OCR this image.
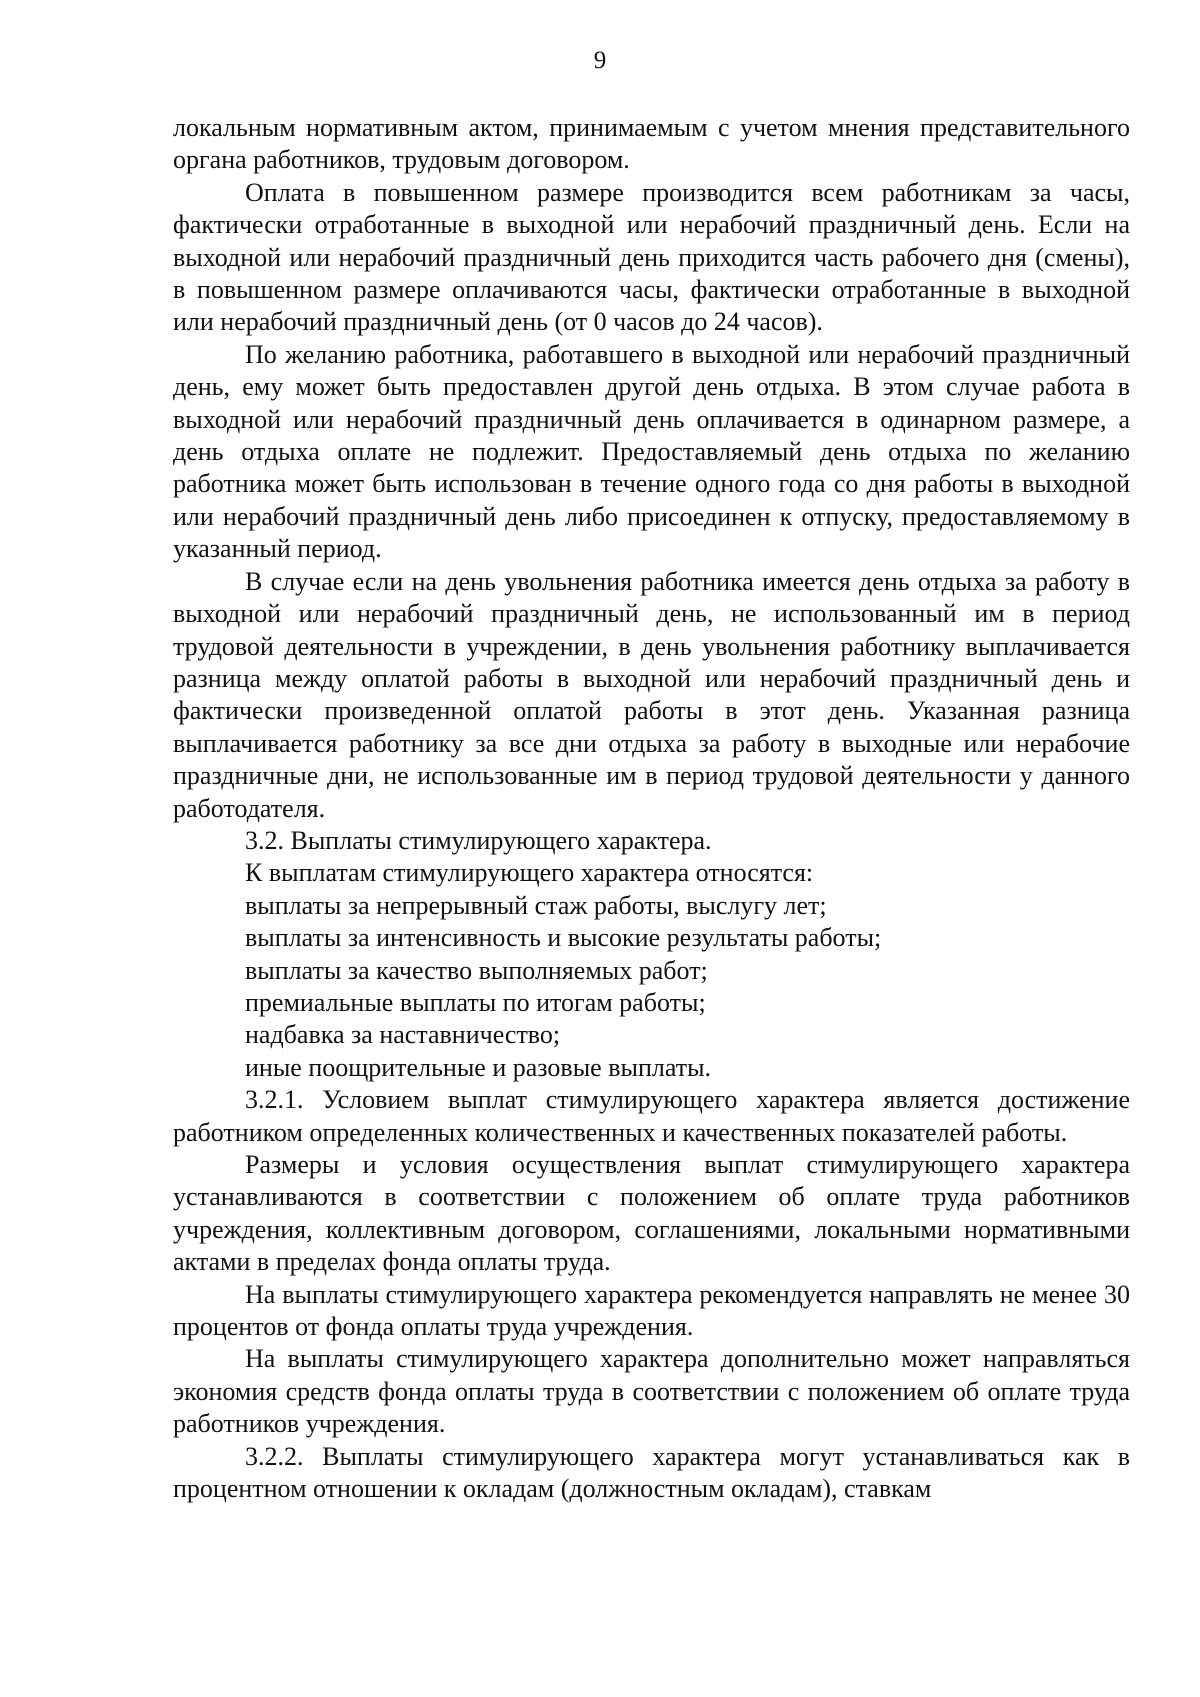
9

локальным нормативным актом, принимаемым с учетом мнения представительного органа работников, трудовым договором.

Оплата в повышенном размере производится всем работникам за часы, фактически отработанные в выходной или нерабочий праздничный день. Если на выходной или нерабочий праздничный день приходится часть рабочего дня (смены), в повышенном размере оплачиваются часы, фактически отработанные в выходной или нерабочий праздничный день (от 0 часов до 24 часов).

По желанию работника, работавшего в выходной или нерабочий праздничный день, ему может быть предоставлен другой день отдыха. В этом случае работа в выходной или нерабочий праздничный день оплачивается в одинарном размере, а день отдыха оплате не подлежит. Предоставляемый день отдыха по желанию работника может быть использован в течение одного года со дня работы в выходной или нерабочий праздничный день либо присоединен к отпуску, предоставляемому в указанный период.

В случае если на день увольнения работника имеется день отдыха за работу в выходной или нерабочий праздничный день, не использованный им в период трудовой деятельности в учреждении, в день увольнения работнику выплачивается разница между оплатой работы в выходной или нерабочий праздничный день и фактически произведенной оплатой работы в этот день. Указанная разница выплачивается работнику за все дни отдыха за работу в выходные или нерабочие праздничные дни, не использованные им в период трудовой деятельности у данного работодателя.

3.2. Выплаты стимулирующего характера.

К выплатам стимулирующего характера относятся:

выплаты за непрерывный стаж работы, выслугу лет;

выплаты за интенсивность и высокие результаты работы;

выплаты за качество выполняемых работ;

премиальные выплаты по итогам работы;

надбавка за наставничество;

иные поощрительные и разовые выплаты.

3.2.1. Условием выплат стимулирующего характера является достижение работником определенных количественных и качественных показателей работы.

Размеры и условия осуществления выплат стимулирующего характера устанавливаются в соответствии с положением об оплате труда работников учреждения, коллективным договором, соглашениями, локальными нормативными актами в пределах фонда оплаты труда.

На выплаты стимулирующего характера рекомендуется направлять не менее 30 процентов от фонда оплаты труда учреждения.

На выплаты стимулирующего характера дополнительно может направляться экономия средств фонда оплаты труда в соответствии с положением об оплате труда работников учреждения.

3.2.2. Выплаты стимулирующего характера могут устанавливаться как в процентном отношении к окладам (должностным окладам), ставкам
